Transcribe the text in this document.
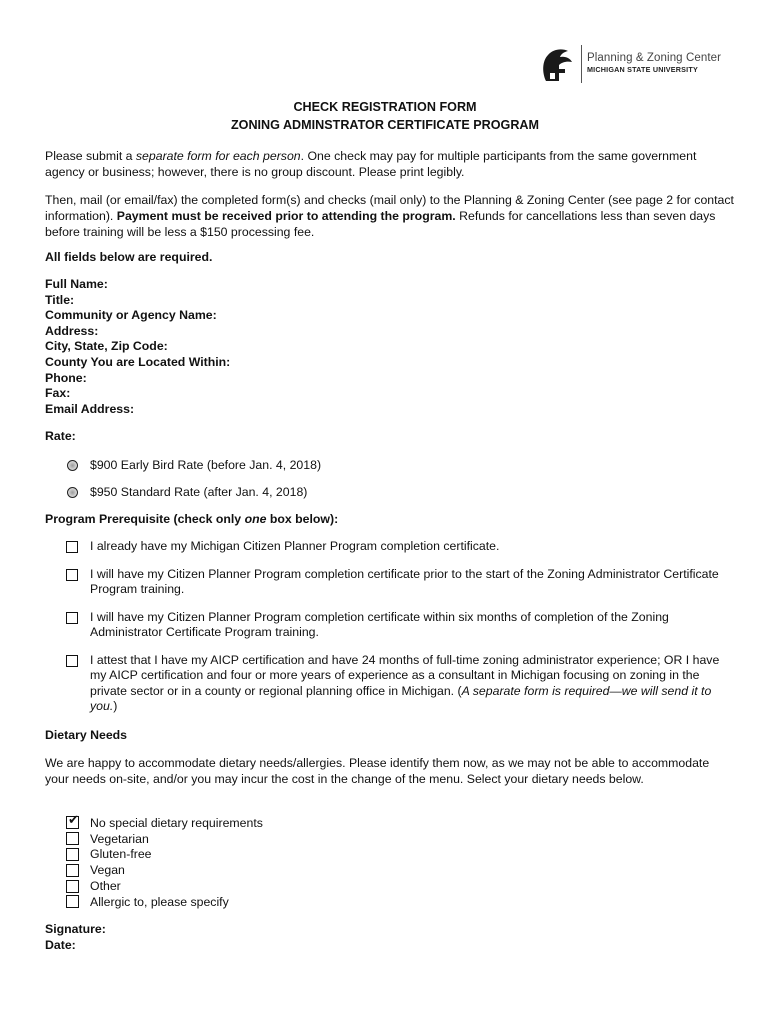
Planning & Zoning Center
MICHIGAN STATE UNIVERSITY
CHECK REGISTRATION FORM
ZONING ADMINSTRATOR CERTIFICATE PROGRAM
Please submit a separate form for each person. One check may pay for multiple participants from the same government agency or business; however, there is no group discount. Please print legibly.
Then, mail (or email/fax) the completed form(s) and checks (mail only) to the Planning & Zoning Center (see page 2 for contact information). Payment must be received prior to attending the program. Refunds for cancellations less than seven days before training will be less a $150 processing fee.
All fields below are required.
Full Name:
Title:
Community or Agency Name:
Address:
City, State, Zip Code:
County You are Located Within:
Phone:
Fax:
Email Address:
Rate:
$900 Early Bird Rate (before Jan. 4, 2018)
$950 Standard Rate (after Jan. 4, 2018)
Program Prerequisite (check only one box below):
I already have my Michigan Citizen Planner Program completion certificate.
I will have my Citizen Planner Program completion certificate prior to the start of the Zoning Administrator Certificate Program training.
I will have my Citizen Planner Program completion certificate within six months of completion of the Zoning Administrator Certificate Program training.
I attest that I have my AICP certification and have 24 months of full-time zoning administrator experience; OR I have my AICP certification and four or more years of experience as a consultant in Michigan focusing on zoning in the private sector or in a county or regional planning office in Michigan. (A separate form is required—we will send it to you.)
Dietary Needs
We are happy to accommodate dietary needs/allergies. Please identify them now, as we may not be able to accommodate your needs on-site, and/or you may incur the cost in the change of the menu. Select your dietary needs below.
✔ No special dietary requirements
Vegetarian
Gluten-free
Vegan
Other
Allergic to, please specify
Signature:
Date:
